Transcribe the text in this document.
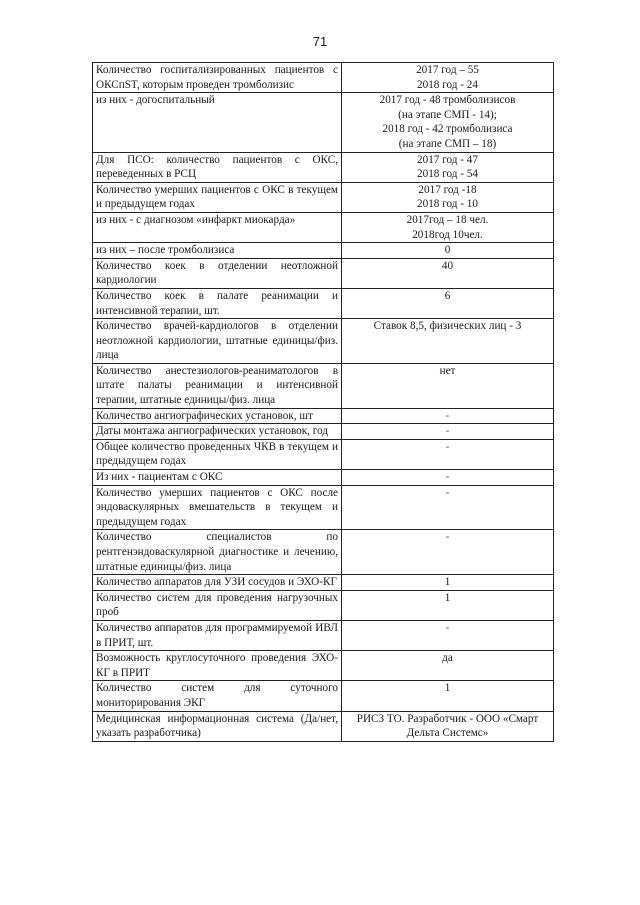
71
Количество госпитализированных пациентов с ОКСпST, которым проведен тромболизис	2017 год – 55
2018 год - 24

из них - догоспитальный	2017 год - 48 тромболизисов
(на этапе СМП - 14);
2018 год - 42 тромболизиса
(на этапе СМП – 18)

Для ПСО: количество пациентов с ОКС, переведенных в РСЦ	2017 год - 47
2018 год - 54

Количество умерших пациентов с ОКС в текущем и предыдущем годах	2017 год -18
2018 год - 10

из них - с диагнозом «инфаркт миокарда»	2017год – 18 чел.
2018год 10чел.

из них – после тромболизиса	0
Количество коек в отделении неотложной кардиологии	40
Количество коек в палате реанимации и интенсивной терапии, шт.	6
Количество врачей-кардиологов в отделении неотложной кардиологии, штатные единицы/физ. лица	Ставок 8,5, физических лиц - 3
Количество анестезиологов-реаниматологов в штате палаты реанимации и интенсивной терапии, штатные единицы/физ. лица	нет
Количество ангиографических установок, шт	-
Даты монтажа ангиографических установок, год	-
Общее количество проведенных ЧКВ в текущем и предыдущем годах	-
Из них - пациентам с ОКС	-
Количество умерших пациентов с ОКС после эндоваскулярных вмешательств в текущем и предыдущем годах	-
Количество специалистов по рентгенэндоваскулярной диагностике и лечению, штатные единицы/физ. лица	-
Количество аппаратов для УЗИ сосудов и ЭХО-КГ	1
Количество систем для проведения нагрузочных проб	1
Количество аппаратов для программируемой ИВЛ в ПРИТ, шт.	-
Возможность круглосуточного проведения ЭХО-КГ в ПРИТ	да
Количество систем для суточного мониторирования ЭКГ	1
Медицинская информационная система (Да/нет, указать разработчика)	РИСЗ ТО. Разработчик - ООО «Смарт
Дельта Системс»
